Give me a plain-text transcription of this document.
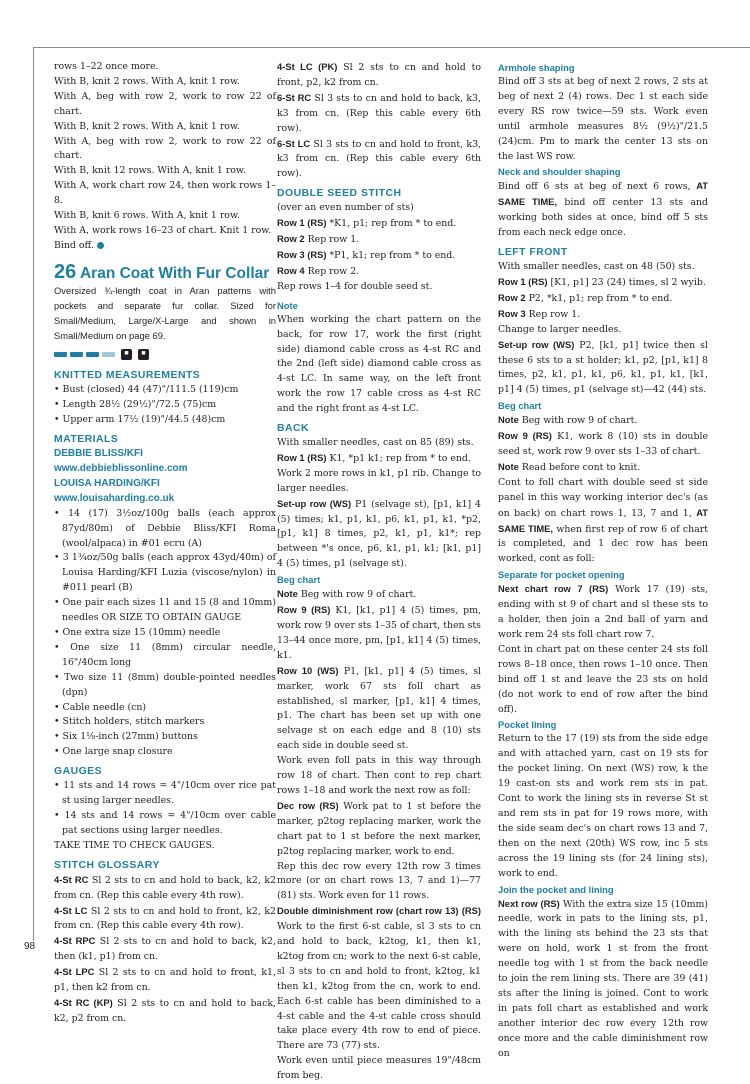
rows 1–22 once more.

With B, knit 2 rows. With A, knit 1 row.

With A, beg with row 2, work to row 22 of chart.

With B, knit 2 rows. With A, knit 1 row.

With A, beg with row 2, work to row 22 of chart.

With B, knit 12 rows. With A, knit 1 row.

With A, work chart row 24, then work rows 1–8.

With B, knit 6 rows. With A, knit 1 row.

With A, work rows 16–23 of chart. Knit 1 row.

Bind off.

26 Aran Coat With Fur Collar

Oversized ¾-length coat in Aran patterns with pockets and separate fur collar. Sized for Small/Medium, Large/X-Large and shown in Small/Medium on page 69.

■	■
KNITTED MEASUREMENTS

• Bust (closed) 44 (47)"/111.5 (119)cm

• Length 28½ (29½)"/72.5 (75)cm

• Upper arm 17½ (19)"/44.5 (48)cm

MATERIALS
DEBBIE BLISS/KFI
www.debbieblissonline.com
LOUISA HARDING/KFI
www.louisaharding.co.uk

• 14 (17) 3½oz/100g balls (each approx 87yd/80m) of Debbie Bliss/KFI Roma (wool/alpaca) in #01 ecru (A)

• 3 1¾oz/50g balls (each approx 43yd/40m) of Louisa Harding/KFI Luzia (viscose/nylon) in #011 pearl (B)

• One pair each sizes 11 and 15 (8 and 10mm) needles OR SIZE TO OBTAIN GAUGE

• One extra size 15 (10mm) needle

• One size 11 (8mm) circular needle, 16"/40cm long

• Two size 11 (8mm) double-pointed needles (dpn)

• Cable needle (cn)

• Stitch holders, stitch markers

• Six 1⅛-inch (27mm) buttons

• One large snap closure

GAUGES

• 11 sts and 14 rows = 4"/10cm over rice pat st using larger needles.

• 14 sts and 14 rows = 4"/10cm over cable pat sections using larger needles.

TAKE TIME TO CHECK GAUGES.

STITCH GLOSSARY

4-St RC Sl 2 sts to cn and hold to back, k2, k2 from cn. (Rep this cable every 4th row).

4-St LC Sl 2 sts to cn and hold to front, k2, k2 from cn. (Rep this cable every 4th row).

4-St RPC Sl 2 sts to cn and hold to back, k2, then (k1, p1) from cn.

4-St LPC Sl 2 sts to cn and hold to front, k1, p1, then k2 from cn.

4-St RC (KP) Sl 2 sts to cn and hold to back, k2, p2 from cn.

4-St LC (PK) Sl 2 sts to cn and hold to front, p2, k2 from cn.

6-St RC Sl 3 sts to cn and hold to back, k3, k3 from cn. (Rep this cable every 6th row).

6-St LC Sl 3 sts to cn and hold to front, k3, k3 from cn. (Rep this cable every 6th row).

DOUBLE SEED STITCH

(over an even number of sts)

Row 1 (RS) *K1, p1; rep from * to end.

Row 2 Rep row 1.

Row 3 (RS) *P1, k1; rep from * to end.

Row 4 Rep row 2.

Rep rows 1–4 for double seed st.

Note

When working the chart pattern on the back, for row 17, work the first (right side) diamond cable cross as 4-st RC and the 2nd (left side) diamond cable cross as 4-st LC. In same way, on the left front work the row 17 cable cross as 4-st RC and the right front as 4-st LC.

BACK

With smaller needles, cast on 85 (89) sts.

Row 1 (RS) K1, *p1 k1; rep from * to end.

Work 2 more rows in k1, p1 rib. Change to larger needles.

Set-up row (WS) P1 (selvage st), [p1, k1] 4 (5) times; k1, p1, k1, p6, k1, p1, k1, *p2, [p1, k1] 8 times, p2, k1, p1, k1*; rep between *'s once, p6, k1, p1, k1; [k1, p1] 4 (5) times, p1 (selvage st).

Beg chart

Note Beg with row 9 of chart.

Row 9 (RS) K1, [k1, p1] 4 (5) times, pm, work row 9 over sts 1–35 of chart, then sts 13–44 once more, pm, [p1, k1] 4 (5) times, k1.

Row 10 (WS) P1, [k1, p1] 4 (5) times, sl marker, work 67 sts foll chart as established, sl marker, [p1, k1] 4 times, p1. The chart has been set up with one selvage st on each edge and 8 (10) sts each side in double seed st.

Work even foll pats in this way through row 18 of chart. Then cont to rep chart rows 1–18 and work the next row as foll:

Dec row (RS) Work pat to 1 st before the marker, p2tog replacing marker, work the chart pat to 1 st before the next marker, p2tog replacing marker, work to end.

Rep this dec row every 12th row 3 times more (or on chart rows 13, 7 and 1)—77 (81) sts. Work even for 11 rows.

Double diminishment row (chart row 13) (RS) Work to the first 6-st cable, sl 3 sts to cn and hold to back, k2tog, k1, then k1, k2tog from cn; work to the next 6-st cable, sl 3 sts to cn and hold to front, k2tog, k1 then k1, k2tog from the cn, work to end. Each 6-st cable has been diminished to a 4-st cable and the 4-st cable cross should take place every 4th row to end of piece. There are 73 (77) sts.

Work even until piece measures 19"/48cm from beg.

Armhole shaping

Bind off 3 sts at beg of next 2 rows, 2 sts at beg of next 2 (4) rows. Dec 1 st each side every RS row twice—59 sts. Work even until armhole measures 8½ (9½)"/21.5 (24)cm. Pm to mark the center 13 sts on the last WS row.

Neck and shoulder shaping

Bind off 6 sts at beg of next 6 rows, AT SAME TIME, bind off center 13 sts and working both sides at once, bind off 5 sts from each neck edge once.

LEFT FRONT

With smaller needles, cast on 48 (50) sts.

Row 1 (RS) [K1, p1] 23 (24) times, sl 2 wyib.

Row 2 P2, *k1, p1; rep from * to end.

Row 3 Rep row 1.

Change to larger needles.

Set-up row (WS) P2, [k1, p1] twice then sl these 6 sts to a st holder; k1, p2, [p1, k1] 8 times, p2, k1, p1, k1, p6, k1, p1, k1, [k1, p1] 4 (5) times, p1 (selvage st)—42 (44) sts.

Beg chart

Note Beg with row 9 of chart.

Row 9 (RS) K1, work 8 (10) sts in double seed st, work row 9 over sts 1–33 of chart.

Note Read before cont to knit.

Cont to foll chart with double seed st side panel in this way working interior dec's (as on back) on chart rows 1, 13, 7 and 1, AT SAME TIME, when first rep of row 6 of chart is completed, and 1 dec row has been worked, cont as foll:

Separate for pocket opening

Next chart row 7 (RS) Work 17 (19) sts, ending with st 9 of chart and sl these sts to a holder, then join a 2nd ball of yarn and work rem 24 sts foll chart row 7.

Cont in chart pat on these center 24 sts foll rows 8–18 once, then rows 1–10 once. Then bind off 1 st and leave the 23 sts on hold (do not work to end of row after the bind off).

Pocket lining

Return to the 17 (19) sts from the side edge and with attached yarn, cast on 19 sts for the pocket lining. On next (WS) row, k the 19 cast-on sts and work rem sts in pat. Cont to work the lining sts in reverse St st and rem sts in pat for 19 rows more, with the side seam dec's on chart rows 13 and 7, then on the next (20th) WS row, inc 5 sts across the 19 lining sts (for 24 lining sts), work to end.

Join the pocket and lining

Next row (RS) With the extra size 15 (10mm) needle, work in pats to the lining sts, p1, with the lining sts behind the 23 sts that were on hold, work 1 st from the front needle tog with 1 st from the back needle to join the rem lining sts. There are 39 (41) sts after the lining is joined. Cont to work in pats foll chart as established and work another interior dec row every 12th row once more and the cable diminishment row on

98
